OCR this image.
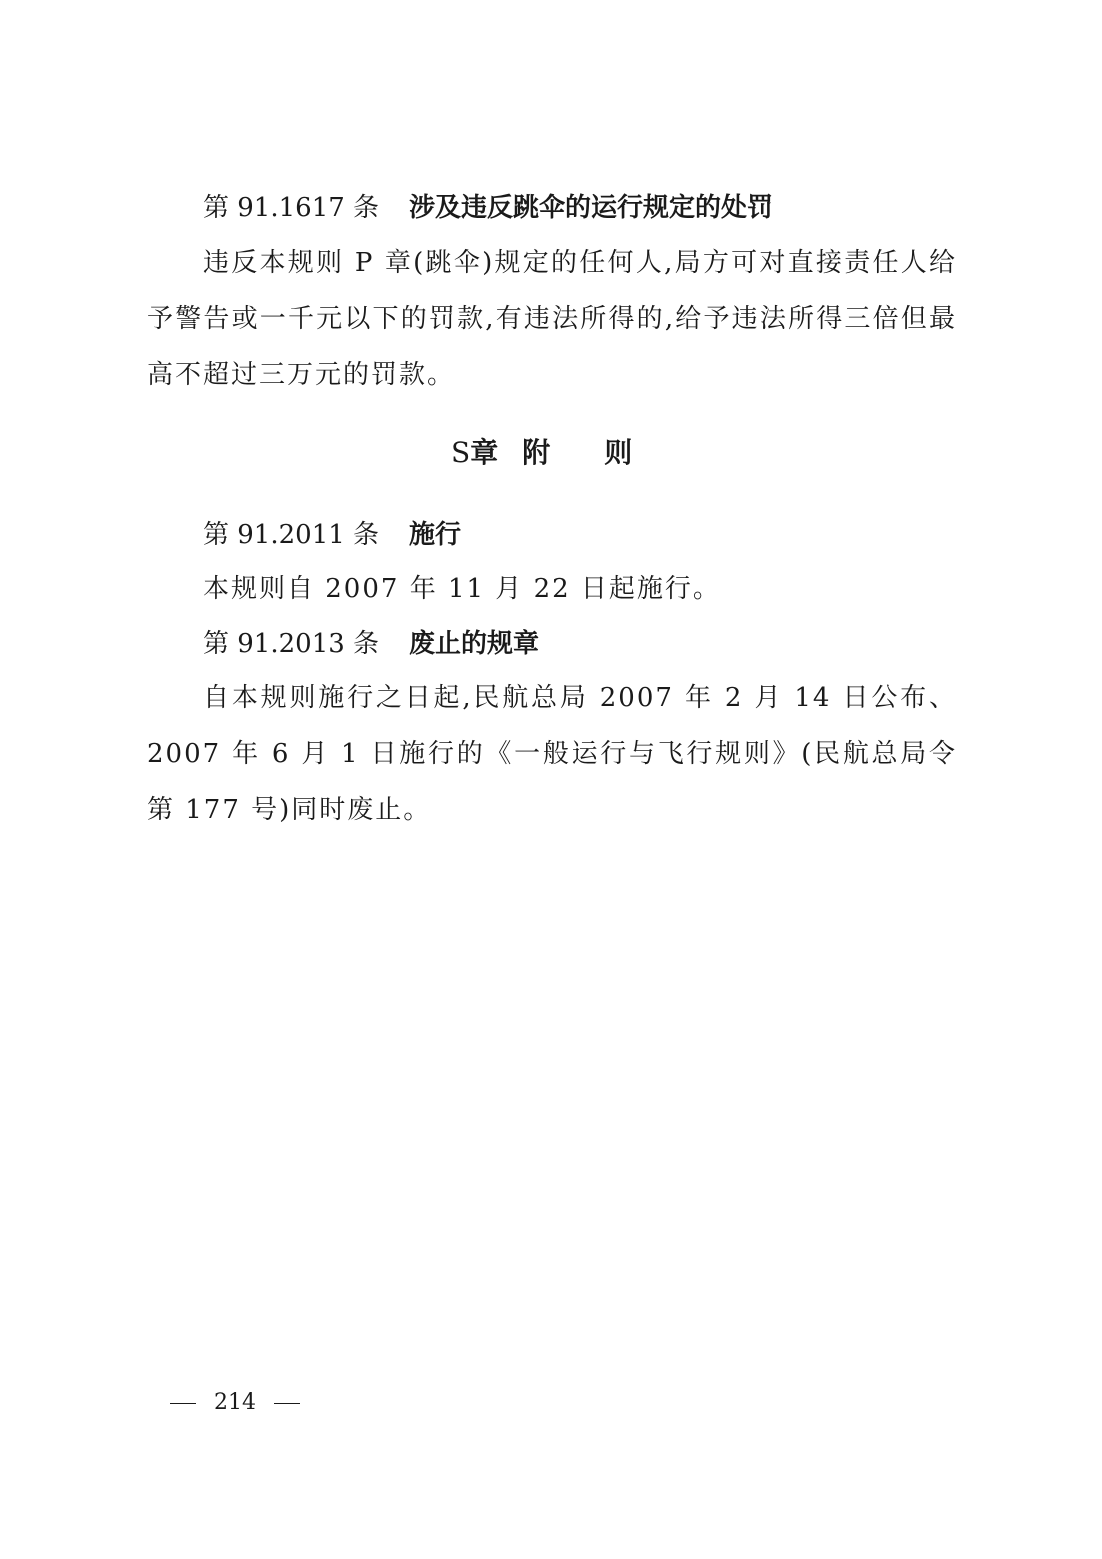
第 91.1617 条 涉及违反跳伞的运行规定的处罚
违反本规则 P 章(跳伞)规定的任何人,局方可对直接责任人给予警告或一千元以下的罚款,有违法所得的,给予违法所得三倍但最高不超过三万元的罚款。
S章 附 则
第 91.2011 条 施行
本规则自 2007 年 11 月 22 日起施行。
第 91.2013 条 废止的规章
自本规则施行之日起,民航总局 2007 年 2 月 14 日公布、2007 年 6 月 1 日施行的《一般运行与飞行规则》(民航总局令第 177 号)同时废止。
214
